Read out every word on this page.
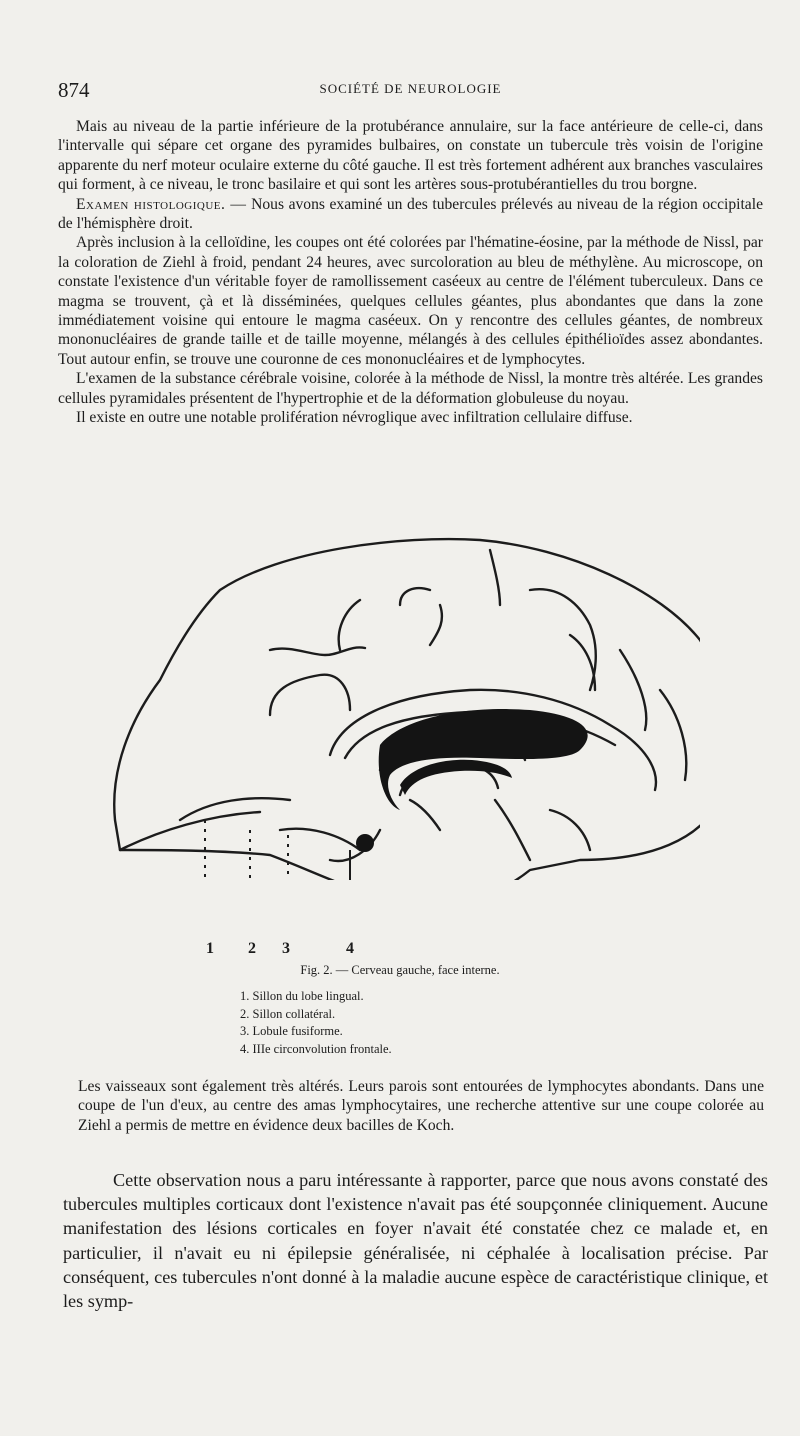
874	SOCIÉTÉ DE NEUROLOGIE

Mais au niveau de la partie inférieure de la protubérance annulaire, sur la face antérieure de celle-ci, dans l'intervalle qui sépare cet organe des pyramides bulbaires, on constate un tubercule très voisin de l'origine apparente du nerf moteur oculaire externe du côté gauche. Il est très fortement adhérent aux branches vasculaires qui forment, à ce niveau, le tronc basilaire et qui sont les artères sous-protubérantielles du trou borgne.

Examen histologique. — Nous avons examiné un des tubercules prélevés au niveau de la région occipitale de l'hémisphère droit.

Après inclusion à la celloïdine, les coupes ont été colorées par l'hématine-éosine, par la méthode de Nissl, par la coloration de Ziehl à froid, pendant 24 heures, avec surcoloration au bleu de méthylène. Au microscope, on constate l'existence d'un véritable foyer de ramollissement caséeux au centre de l'élément tuberculeux. Dans ce magma se trouvent, çà et là disséminées, quelques cellules géantes, plus abondantes que dans la zone immédiatement voisine qui entoure le magma caséeux. On y rencontre des cellules géantes, de nombreux mononucléaires de grande taille et de taille moyenne, mélangés à des cellules épithélioïdes assez abondantes. Tout autour enfin, se trouve une couronne de ces mononucléaires et de lymphocytes.

L'examen de la substance cérébrale voisine, colorée à la méthode de Nissl, la montre très altérée. Les grandes cellules pyramidales présentent de l'hypertrophie et de la déformation globuleuse du noyau.

Il existe en outre une notable prolifération névroglique avec infiltration cellulaire diffuse.

1 2 3	4
Fig. 2. — Cerveau gauche, face interne.
1. Sillon du lobe lingual.
2. Sillon collatéral.
3. Lobule fusiforme.
4. IIIe circonvolution frontale.

Les vaisseaux sont également très altérés. Leurs parois sont entourées de lymphocytes abondants. Dans une coupe de l'un d'eux, au centre des amas lymphocytaires, une recherche attentive sur une coupe colorée au Ziehl a permis de mettre en évidence deux bacilles de Koch.

Cette observation nous a paru intéressante à rapporter, parce que nous avons constaté des tubercules multiples corticaux dont l'existence n'avait pas été soupçonnée cliniquement. Aucune manifestation des lésions corticales en foyer n'avait été constatée chez ce malade et, en particulier, il n'avait eu ni épilepsie généralisée, ni céphalée à localisation précise. Par conséquent, ces tubercules n'ont donné à la maladie aucune espèce de caractéristique clinique, et les symp-
